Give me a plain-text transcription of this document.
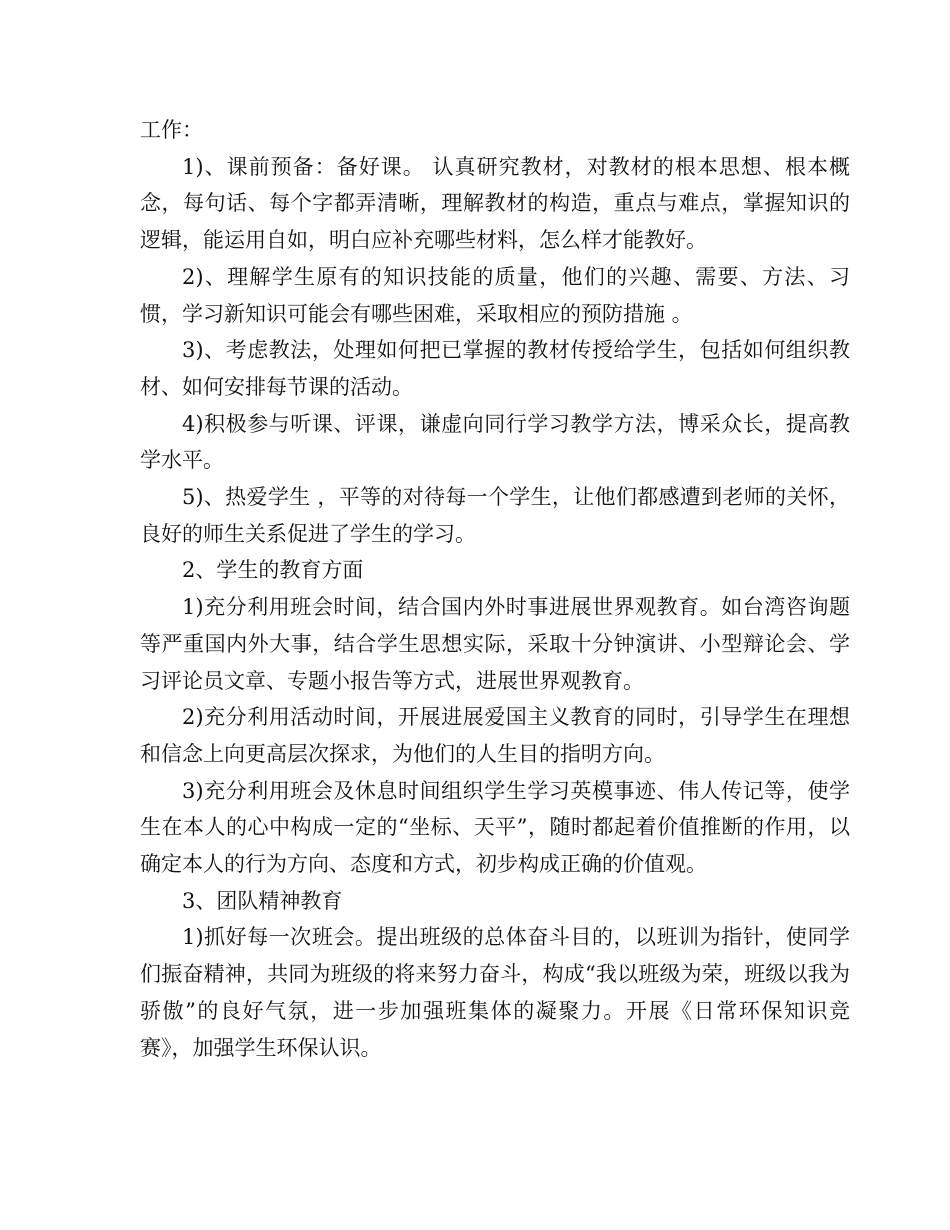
工作：

1)、课前预备：备好课。 认真研究教材，对教材的根本思想、根本概念，每句话、每个字都弄清晰，理解教材的构造，重点与难点，掌握知识的逻辑，能运用自如，明白应补充哪些材料，怎么样才能教好。

2)、理解学生原有的知识技能的质量，他们的兴趣、需要、方法、习惯，学习新知识可能会有哪些困难，采取相应的预防措施 。

3)、考虑教法，处理如何把已掌握的教材传授给学生，包括如何组织教材、如何安排每节课的活动。

4)积极参与听课、评课，谦虚向同行学习教学方法，博采众长，提高教学水平。

5)、热爱学生 ，平等的对待每一个学生，让他们都感遭到老师的关怀，良好的师生关系促进了学生的学习。

2、学生的教育方面

1)充分利用班会时间，结合国内外时事进展世界观教育。如台湾咨询题等严重国内外大事，结合学生思想实际，采取十分钟演讲、小型辩论会、学习评论员文章、专题小报告等方式，进展世界观教育。

2)充分利用活动时间，开展进展爱国主义教育的同时，引导学生在理想和信念上向更高层次探求，为他们的人生目的指明方向。

3)充分利用班会及休息时间组织学生学习英模事迹、伟人传记等，使学生在本人的心中构成一定的“坐标、天平”，随时都起着价值推断的作用，以确定本人的行为方向、态度和方式，初步构成正确的价值观。

3、团队精神教育

1)抓好每一次班会。提出班级的总体奋斗目的，以班训为指针，使同学们振奋精神，共同为班级的将来努力奋斗，构成“我以班级为荣，班级以我为骄傲”的良好气氛，进一步加强班集体的凝聚力。开展《日常环保知识竞赛》，加强学生环保认识。
